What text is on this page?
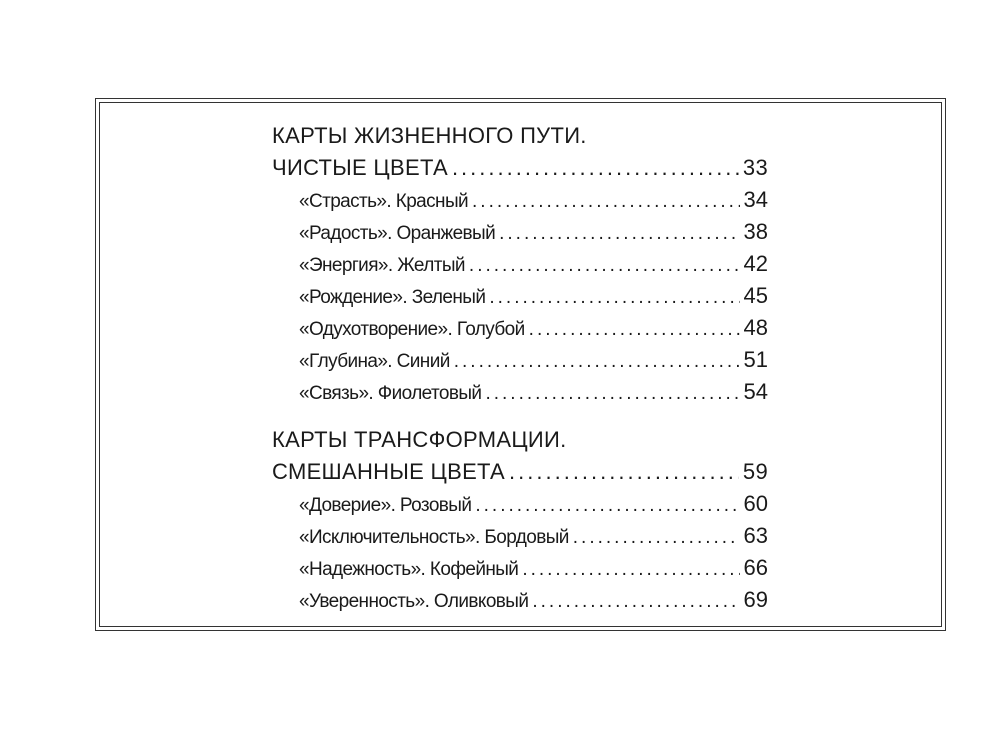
КАРТЫ ЖИЗНЕННОГО ПУТИ.
ЧИСТЫЕ ЦВЕТА .....	33
«Страсть». Красный .....	34
«Радость». Оранжевый .....	38
«Энергия». Желтый .....	42
«Рождение». Зеленый .....	45
«Одухотворение». Голубой .....	48
«Глубина». Синий .....	51
«Связь». Фиолетовый .....	54
КАРТЫ ТРАНСФОРМАЦИИ.
СМЕШАННЫЕ ЦВЕТА .....	59
«Доверие». Розовый .....	60
«Исключительность». Бордовый .....	63
«Надежность». Кофейный .....	66
«Уверенность». Оливковый .....	69
